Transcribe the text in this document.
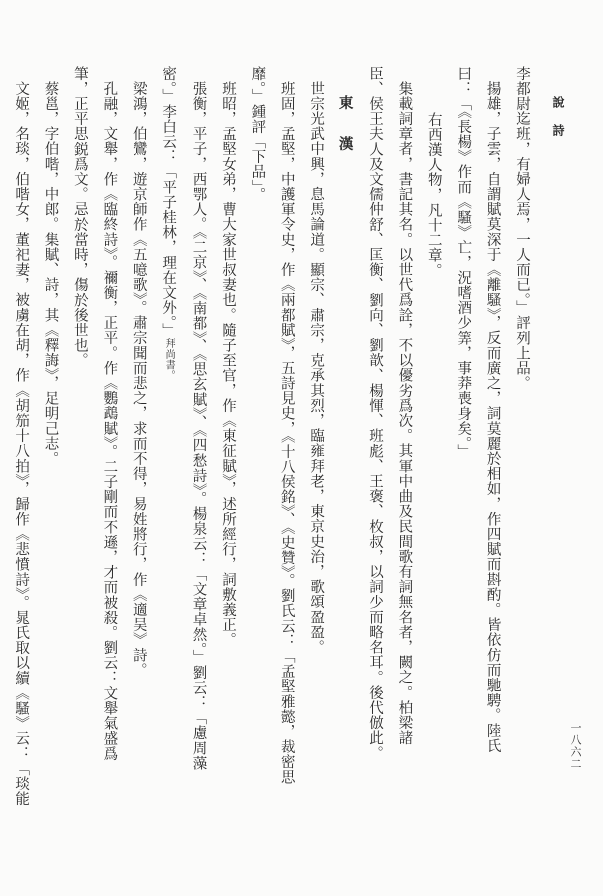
說　詩
一八六二
李都尉迄班，有婦人焉，一人而已。」評列上品。
揚雄，子雲，自謂賦莫深于《離騷》，反而廣之，詞莫麗於相如，作四賦而斟酌。皆依仿而馳騁。陸氏
曰：「《長楊》作而《騷》亡，況嗜酒少筭，事莽喪身矣。」
右西漢人物，凡十二章。
集載詞章者，書記其名。以世代爲詮，不以優劣爲次。其軍中曲及民間歌有詞無名者，闕之。柏梁諸
臣、侯王夫人及文儒仲舒、匡衡、劉向、劉歆、楊惲、班彪、王褒、枚叔，以詞少而略名耳。後代倣此。
東　漢
世宗光武中興，息馬論道。顯宗、肅宗，克承其烈，臨雍拜老，東京史治，歌頌盈盈。
班固，孟堅，中護軍令史，作《兩都賦》，五詩見史，《十八侯銘》、《史贊》。劉氏云：「孟堅雅懿，裁密思
靡。」鍾評「下品」。
班昭，孟堅女弟，曹大家世叔妻也。隨子至官，作《東征賦》，述所經行，詞敷義正。
張衡，平子，西鄂人。《二京》、《南都》、《思玄賦》、《四愁詩》。楊泉云：「文章卓然。」劉云：「慮周藻
密。」李白云：「平子桂林，理在文外。」拜尚書。
梁鴻，伯鸞，遊京師作《五噫歌》。肅宗聞而悲之，求而不得，易姓將行，作《適吴》詩。
孔融，文舉，作《臨終詩》。禰衡，正平。作《鸚鵡賦》。二子剛而不遜，才而被殺。劉云：文舉氣盛爲
筆，正平思鋭爲文。忌於當時，傷於後世也。
蔡邕，字伯喈，中郎。集賦、詩，其《釋誨》，足明己志。
文姬，名琰，伯喈女，董祀妻，被虜在胡，作《胡笳十八拍》，歸作《悲憤詩》。晁氏取以續《騷》云：「琰能
